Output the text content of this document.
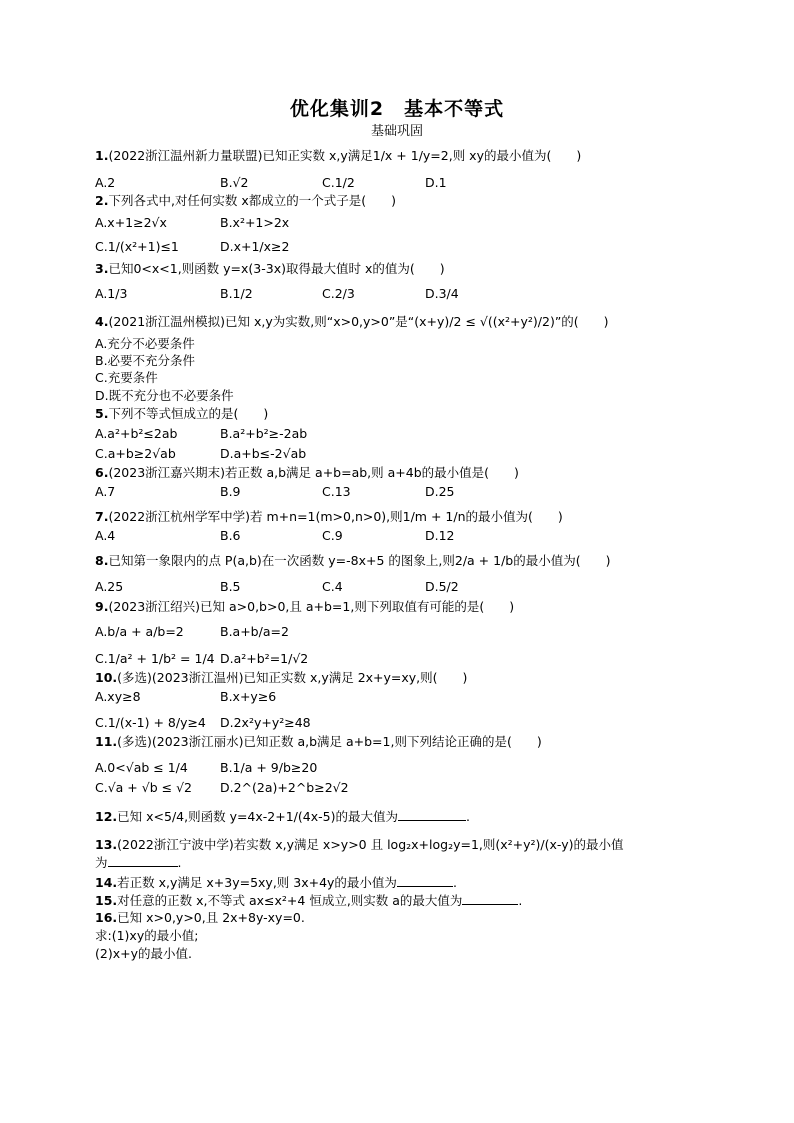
优化集训2　基本不等式
基础巩固
1.(2022浙江温州新力量联盟)已知正实数 x,y满足1/x + 1/y=2,则 xy的最小值为(　　)
A.2	B.√2	C.1/2	D.1
2.下列各式中,对任何实数 x都成立的一个式子是(　　)
A.x+1≥2√x	B.x²+1>2x
C.1/(x²+1)≤1	D.x+1/x≥2
3.已知0<x<1,则函数 y=x(3-3x)取得最大值时 x的值为(　　)
A.1/3	B.1/2	C.2/3	D.3/4
4.(2021浙江温州模拟)已知 x,y为实数,则“x>0,y>0”是“(x+y)/2 ≤ √((x²+y²)/2)”的(　　)
A.充分不必要条件
B.必要不充分条件
C.充要条件
D.既不充分也不必要条件
5.下列不等式恒成立的是(　　)
A.a²+b²≤2ab	B.a²+b²≥-2ab
C.a+b≥2√ab	D.a+b≤-2√ab
6.(2023浙江嘉兴期末)若正数 a,b满足 a+b=ab,则 a+4b的最小值是(　　)
A.7	B.9	C.13	D.25
7.(2022浙江杭州学军中学)若 m+n=1(m>0,n>0),则1/m + 1/n的最小值为(　　)
A.4	B.6	C.9	D.12
8.已知第一象限内的点 P(a,b)在一次函数 y=-8x+5 的图象上,则2/a + 1/b的最小值为(　　)
A.25	B.5	C.4	D.5/2
9.(2023浙江绍兴)已知 a>0,b>0,且 a+b=1,则下列取值有可能的是(　　)
A.b/a + a/b=2	B.a+b/a=2
C.1/a² + 1/b² = 1/4 D.a²+b²=1/√2
10.(多选)(2023浙江温州)已知正实数 x,y满足 2x+y=xy,则(　　)
A.xy≥8	B.x+y≥6
C.1/(x-1) + 8/y≥4 D.2x²y+y²≥48
11.(多选)(2023浙江丽水)已知正数 a,b满足 a+b=1,则下列结论正确的是(　　)
A.0<√ab ≤ 1/4	B.1/a + 9/b≥20
C.√a + √b ≤ √2 D.2^(2a)+2^b≥2√2
12.已知 x<5/4,则函数 y=4x-2+1/(4x-5)的最大值为	.
13.(2022浙江宁波中学)若实数 x,y满足 x>y>0 且 log₂x+log₂y=1,则(x²+y²)/(x-y)的最小值
为	.
14.若正数 x,y满足 x+3y=5xy,则 3x+4y的最小值为	.
15.对任意的正数 x,不等式 ax≤x²+4 恒成立,则实数 a的最大值为	.
16.已知 x>0,y>0,且 2x+8y-xy=0.
求:(1)xy的最小值;
(2)x+y的最小值.
